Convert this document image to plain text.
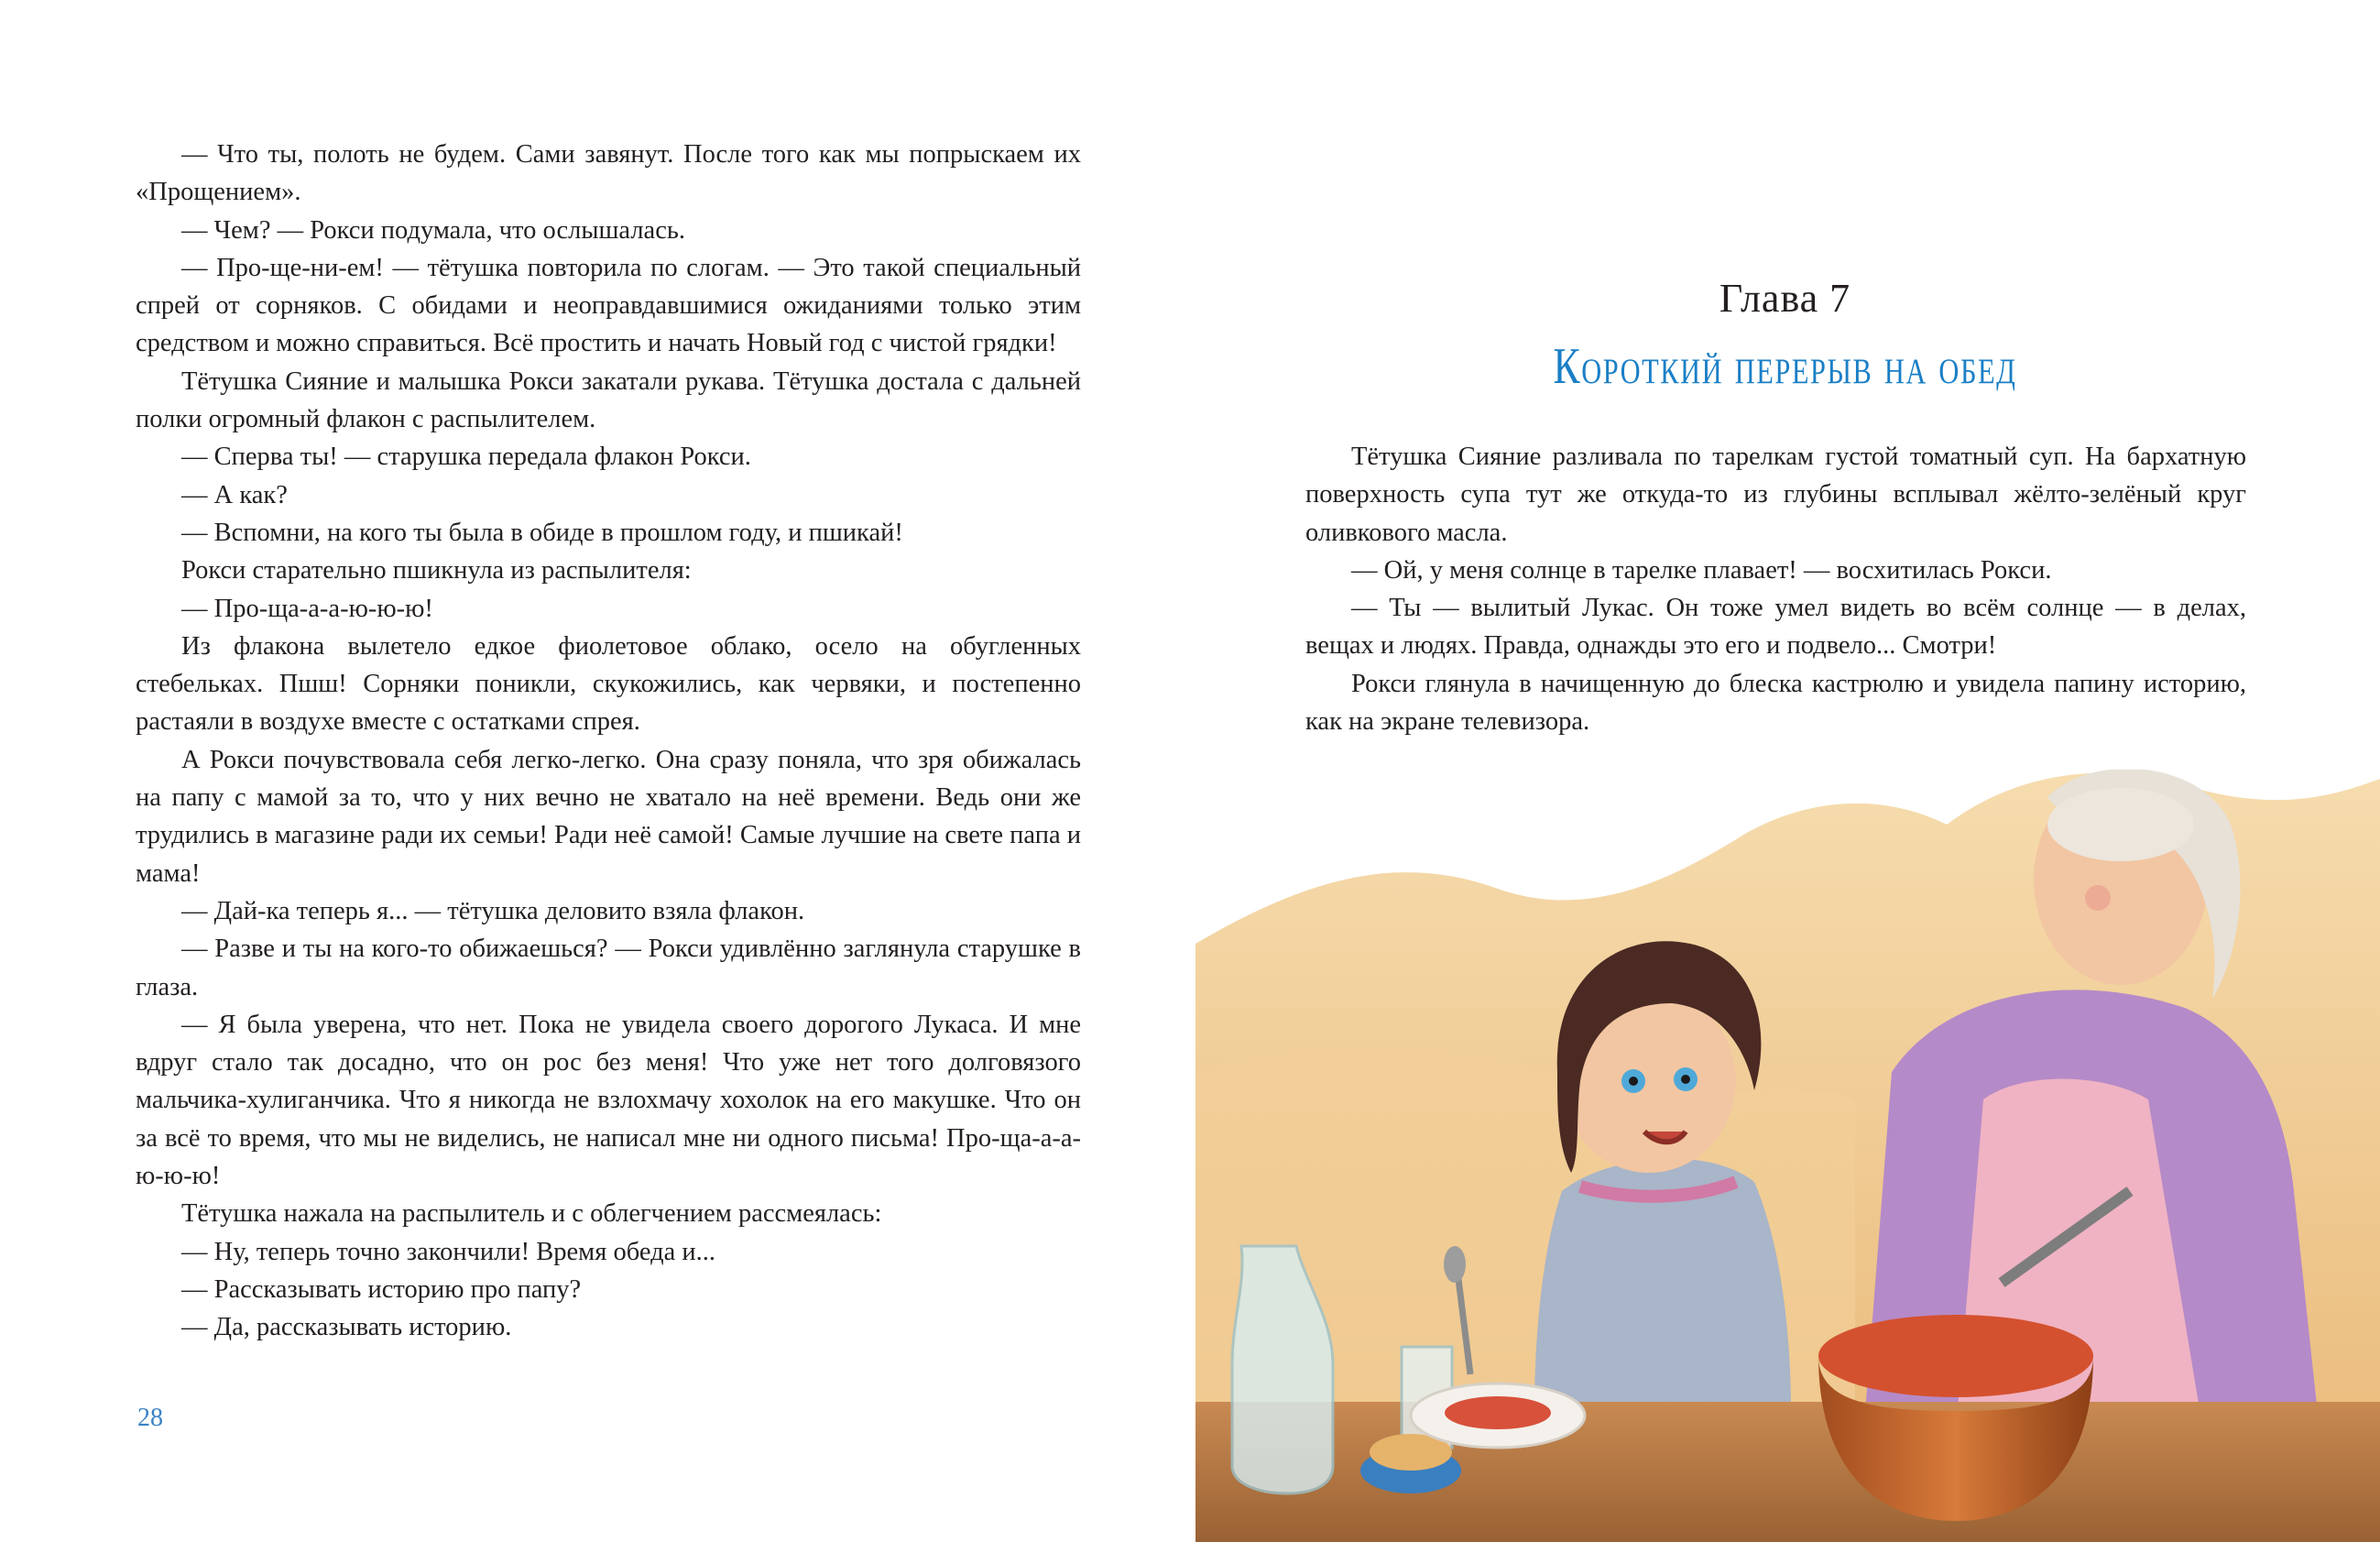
— Что ты, полоть не будем. Сами завянут. После того как мы попрыскаем их «Прощением».

— Чем? — Рокси подумала, что ослышалась.

— Про-ще-ни-ем! — тётушка повторила по слогам. — Это такой специальный спрей от сорняков. С обидами и неоправдавшимися ожиданиями только этим средством и можно справиться. Всё простить и начать Новый год с чистой грядки!

Тётушка Сияние и малышка Рокси закатали рукава. Тётушка достала с дальней полки огромный флакон с распылителем.

— Сперва ты! — старушка передала флакон Рокси.

— А как?

— Вспомни, на кого ты была в обиде в прошлом году, и пшикай!

Рокси старательно пшикнула из распылителя:

— Про-ща-а-а-ю-ю-ю!

Из флакона вылетело едкое фиолетовое облако, осело на обугленных стебельках. Пшш! Сорняки поникли, скукожились, как червяки, и постепенно растаяли в воздухе вместе с остатками спрея.

А Рокси почувствовала себя легко-легко. Она сразу поняла, что зря обижалась на папу с мамой за то, что у них вечно не хватало на неё времени. Ведь они же трудились в магазине ради их семьи! Ради неё самой! Самые лучшие на свете папа и мама!

— Дай-ка теперь я... — тётушка деловито взяла флакон.

— Разве и ты на кого-то обижаешься? — Рокси удивлённо заглянула старушке в глаза.

— Я была уверена, что нет. Пока не увидела своего дорогого Лукаса. И мне вдруг стало так досадно, что он рос без меня! Что уже нет того долговязого мальчика-хулиганчика. Что я никогда не взлохмачу хохолок на его макушке. Что он за всё то время, что мы не виделись, не написал мне ни одного письма! Про-ща-а-а-ю-ю-ю!

Тётушка нажала на распылитель и с облегчением рассмеялась:

— Ну, теперь точно закончили! Время обеда и...

— Рассказывать историю про папу?

— Да, рассказывать историю.

28
Глава 7
Короткий перерыв на обед

Тётушка Сияние разливала по тарелкам густой томатный суп. На бархатную поверхность супа тут же откуда-то из глубины всплывал жёлто-зелёный круг оливкового масла.

— Ой, у меня солнце в тарелке плавает! — восхитилась Рокси.

— Ты — вылитый Лукас. Он тоже умел видеть во всём солнце — в делах, вещах и людях. Правда, однажды это его и подвело... Смотри!

Рокси глянула в начищенную до блеска кастрюлю и увидела папину историю, как на экране телевизора.
